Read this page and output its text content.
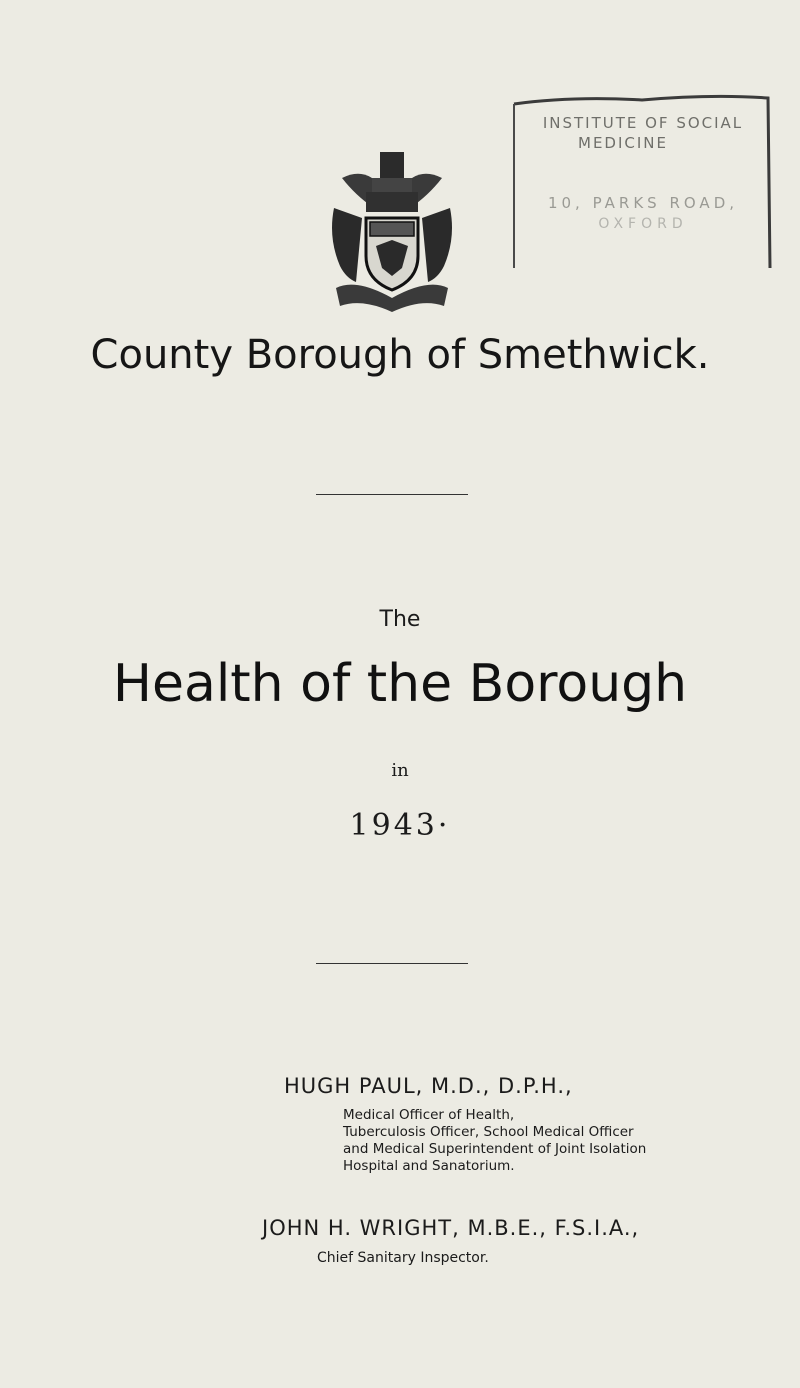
INSTITUTE OF SOCIAL
MEDICINE
10, PARKS ROAD,
OXFORD
County Borough of Smethwick.
The
Health of the Borough
in
1943·
HUGH PAUL, M.D., D.P.H.,
Medical Officer of Health,
Tuberculosis Officer, School Medical Officer
and Medical Superintendent of Joint Isolation
Hospital and Sanatorium.
JOHN H. WRIGHT, M.B.E., F.S.I.A.,
Chief Sanitary Inspector.
